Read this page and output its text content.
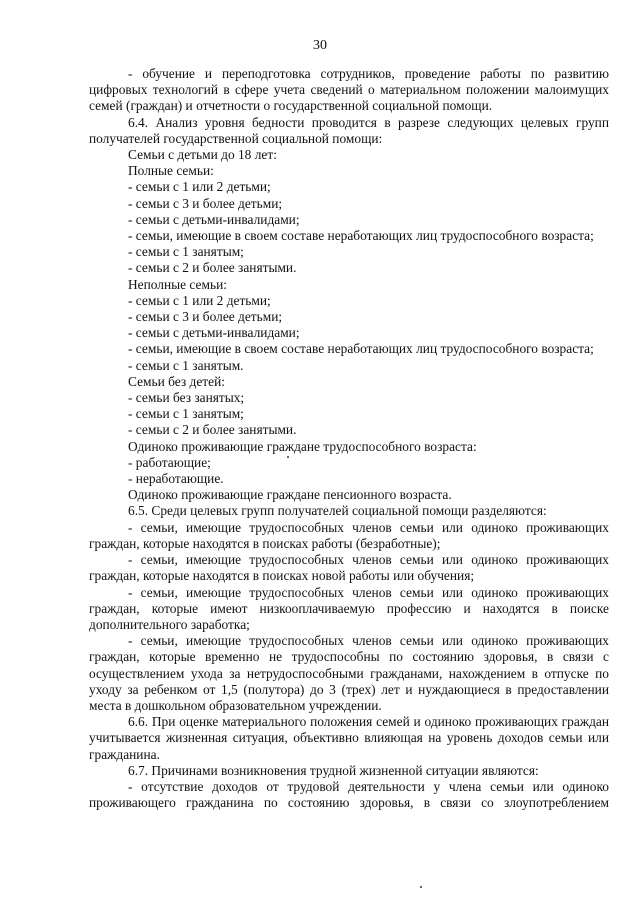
30

- обучение и переподготовка сотрудников, проведение работы по развитию цифровых технологий в сфере учета сведений о материальном положении малоимущих семей (граждан) и отчетности о государственной социальной помощи.

6.4. Анализ уровня бедности проводится в разрезе следующих целевых групп получателей государственной социальной помощи:

Семьи с детьми до 18 лет:

Полные семьи:

- семьи с 1 или 2 детьми;

- семьи с 3 и более детьми;

- семьи с детьми-инвалидами;

- семьи, имеющие в своем составе неработающих лиц трудоспособного возраста;

- семьи с 1 занятым;

- семьи с 2 и более занятыми.

Неполные семьи:

- семьи с 1 или 2 детьми;

- семьи с 3 и более детьми;

- семьи с детьми-инвалидами;

- семьи, имеющие в своем составе неработающих лиц трудоспособного возраста;

- семьи с 1 занятым.

Семьи без детей:

- семьи без занятых;

- семьи с 1 занятым;

- семьи с 2 и более занятыми.

Одиноко проживающие граждане трудоспособного возраста:

- работающие;

- неработающие.

Одиноко проживающие граждане пенсионного возраста.

6.5. Среди целевых групп получателей социальной помощи разделяются:

- семьи, имеющие трудоспособных членов семьи или одиноко проживающих граждан, которые находятся в поисках работы (безработные);

- семьи, имеющие трудоспособных членов семьи или одиноко проживающих граждан, которые находятся в поисках новой работы или обучения;

- семьи, имеющие трудоспособных членов семьи или одиноко проживающих граждан, которые имеют низкооплачиваемую профессию и находятся в поиске дополнительного заработка;

- семьи, имеющие трудоспособных членов семьи или одиноко проживающих граждан, которые временно не трудоспособны по состоянию здоровья, в связи с осуществлением ухода за нетрудоспособными гражданами, нахождением в отпуске по уходу за ребенком от 1,5 (полутора) до 3 (трех) лет и нуждающиеся в предоставлении места в дошкольном образовательном учреждении.

6.6. При оценке материального положения семей и одиноко проживающих граждан учитывается жизненная ситуация, объективно влияющая на уровень доходов семьи или гражданина.

6.7. Причинами возникновения трудной жизненной ситуации являются:

- отсутствие доходов от трудовой деятельности у члена семьи или одиноко проживающего гражданина по состоянию здоровья, в связи со злоупотреблением
